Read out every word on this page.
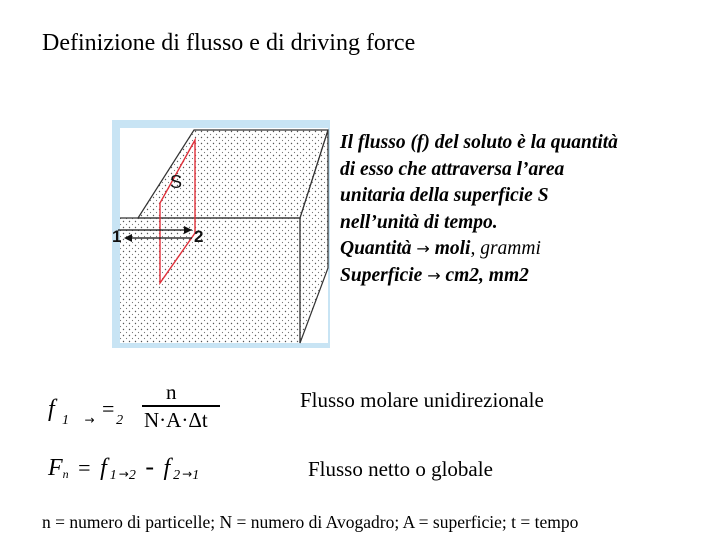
Definizione di flusso e di driving force
S
1	2
Il flusso (f) del soluto è la quantità
di esso che attraversa l’area
unitaria della superficie S
nell’unità di tempo.
Quantità → moli, grammi
Superficie → cm2, mm2
f $_1$ $_\to$ $_2$
=
n
N·A·Δt
Flusso molare unidirezionale
Fn = f 1 →2 - f 2 →1	Flusso netto o globale
n = numero di particelle; N = numero di Avogadro; A = superficie; t = tempo
